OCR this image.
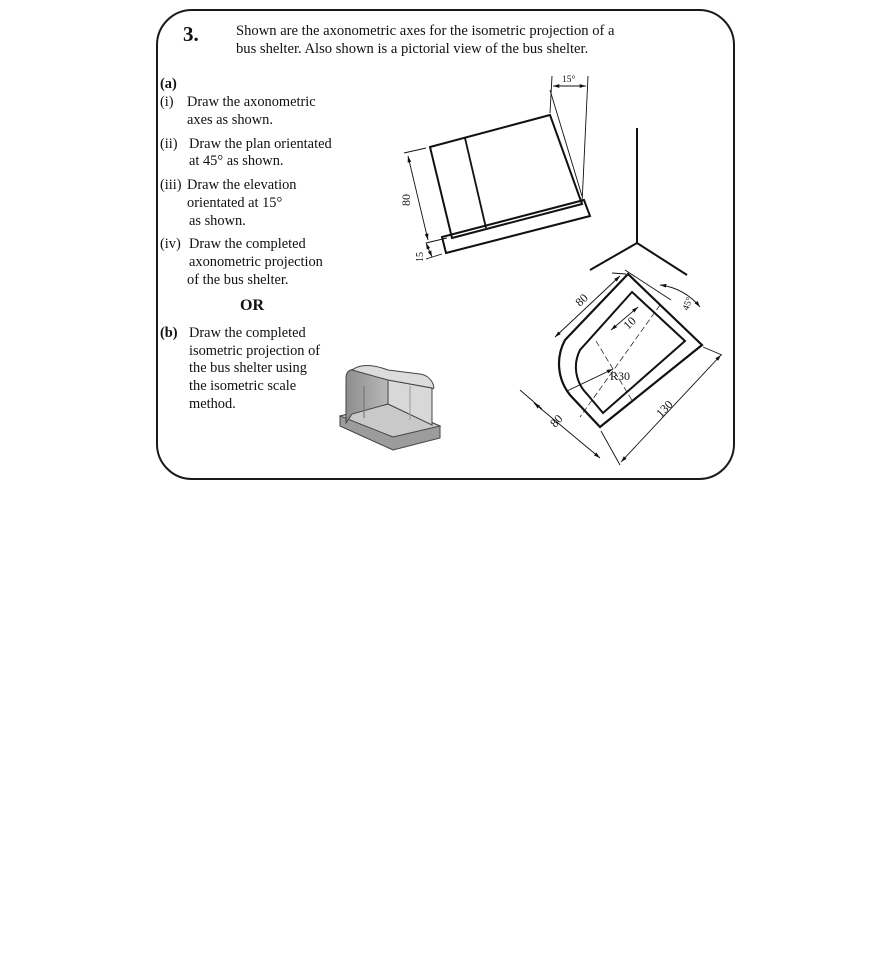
3.	Shown are the axonometric axes for the isometric projection of a
bus shelter. Also shown is a pictorial view of the bus shelter.
(a)
(i) Draw the axonometric
axes as shown.
(ii) Draw the plan orientated
at 45° as shown.
(iii) Draw the elevation
orientated at 15°
as shown.
(iv) Draw the completed
axonometric projection
of the bus shelter.
OR
(b) Draw the completed
isometric projection of
the bus shelter using
the isometric scale
method.
15°
80
15
80
10
45°
R30
130
80
